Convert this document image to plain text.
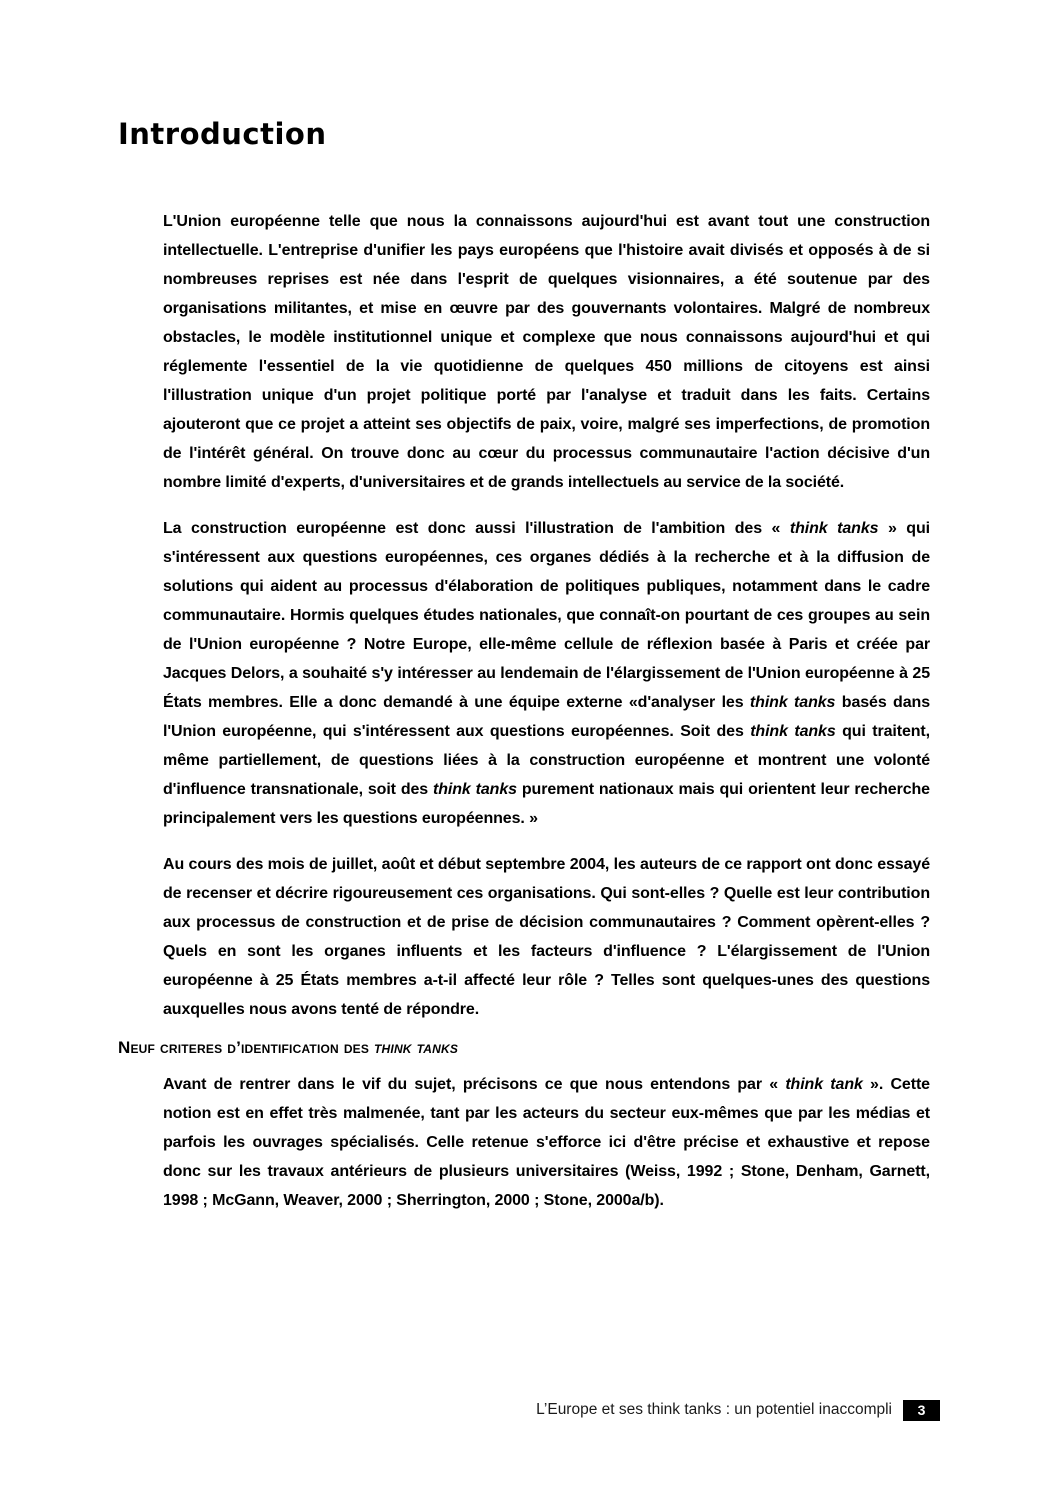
Introduction
L'Union européenne telle que nous la connaissons aujourd'hui est avant tout une construction intellectuelle. L'entreprise d'unifier les pays européens que l'histoire avait divisés et opposés à de si nombreuses reprises est née dans l'esprit de quelques visionnaires, a été soutenue par des organisations militantes, et mise en œuvre par des gouvernants volontaires. Malgré de nombreux obstacles, le modèle institutionnel unique et complexe que nous connaissons aujourd'hui et qui réglemente l'essentiel de la vie quotidienne de quelques 450 millions de citoyens est ainsi l'illustration unique d'un projet politique porté par l'analyse et traduit dans les faits. Certains ajouteront que ce projet a atteint ses objectifs de paix, voire, malgré ses imperfections, de promotion de l'intérêt général. On trouve donc au cœur du processus communautaire l'action décisive d'un nombre limité d'experts, d'universitaires et de grands intellectuels au service de la société.
La construction européenne est donc aussi l'illustration de l'ambition des « think tanks » qui s'intéressent aux questions européennes, ces organes dédiés à la recherche et à la diffusion de solutions qui aident au processus d'élaboration de politiques publiques, notamment dans le cadre communautaire. Hormis quelques études nationales, que connaît-on pourtant de ces groupes au sein de l'Union européenne ? Notre Europe, elle-même cellule de réflexion basée à Paris et créée par Jacques Delors, a souhaité s'y intéresser au lendemain de l'élargissement de l'Union européenne à 25 États membres. Elle a donc demandé à une équipe externe «d'analyser les think tanks basés dans l'Union européenne, qui s'intéressent aux questions européennes. Soit des think tanks qui traitent, même partiellement, de questions liées à la construction européenne et montrent une volonté d'influence transnationale, soit des think tanks purement nationaux mais qui orientent leur recherche principalement vers les questions européennes. »
Au cours des mois de juillet, août et début septembre 2004, les auteurs de ce rapport ont donc essayé de recenser et décrire rigoureusement ces organisations. Qui sont-elles ? Quelle est leur contribution aux processus de construction et de prise de décision communautaires ? Comment opèrent-elles ? Quels en sont les organes influents et les facteurs d'influence ? L'élargissement de l'Union européenne à 25 États membres a-t-il affecté leur rôle ? Telles sont quelques-unes des questions auxquelles nous avons tenté de répondre.
Neuf criteres d’identification des think tanks
Avant de rentrer dans le vif du sujet, précisons ce que nous entendons par « think tank ». Cette notion est en effet très malmenée, tant par les acteurs du secteur eux-mêmes que par les médias et parfois les ouvrages spécialisés. Celle retenue s'efforce ici d'être précise et exhaustive et repose donc sur les travaux antérieurs de plusieurs universitaires (Weiss, 1992 ; Stone, Denham, Garnett, 1998 ; McGann, Weaver, 2000 ; Sherrington, 2000 ; Stone, 2000a/b).
L’Europe et ses think tanks : un potentiel inaccompli	3
